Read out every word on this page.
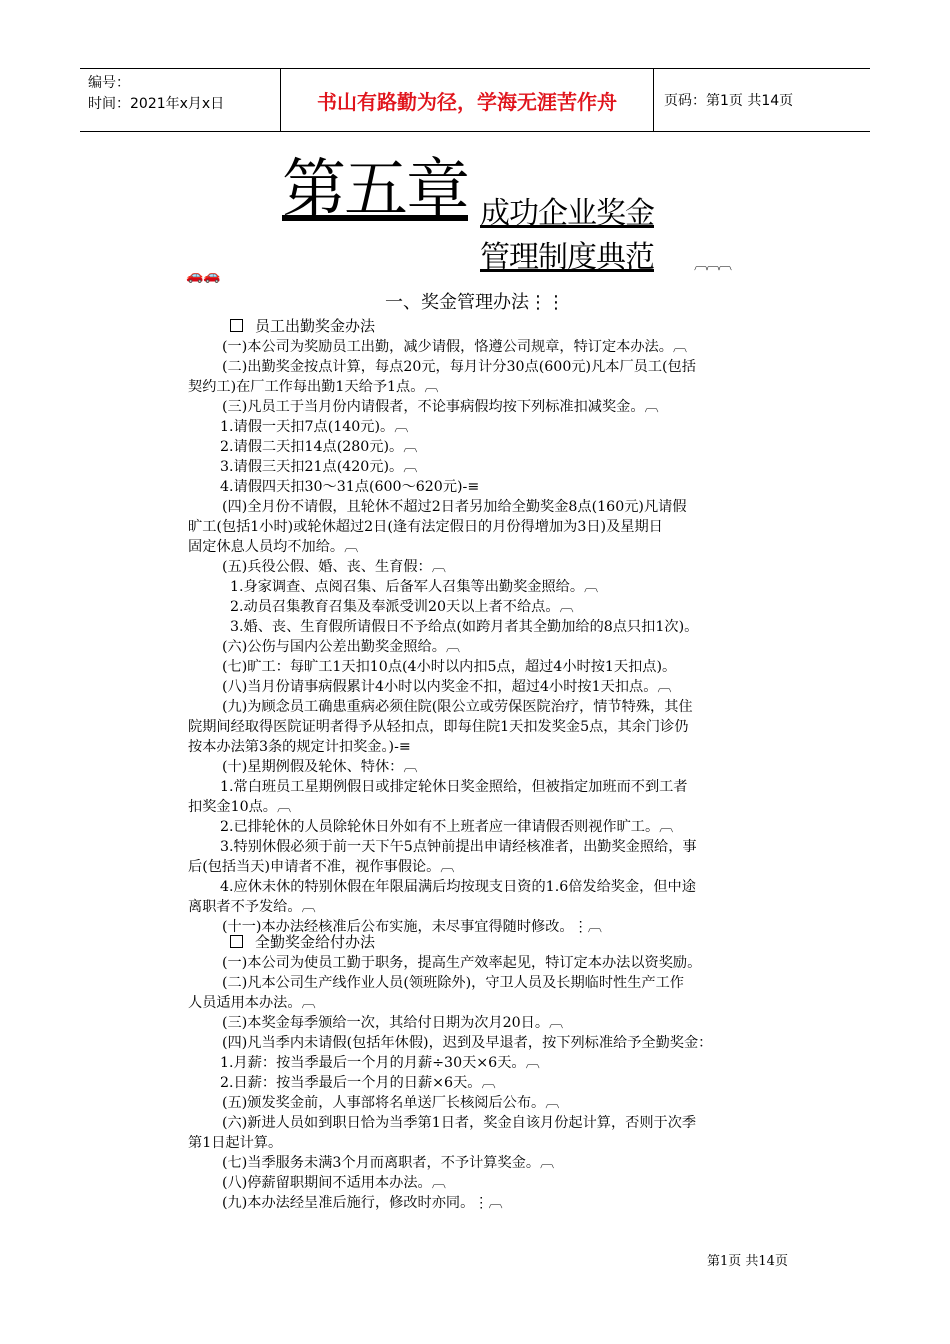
编号：
时间：2021年x月x日	书山有路勤为径，学海无涯苦作舟	页码：第1页 共14页
第五章 成功企业奖金
管理制度典范	︹︹︹
🚗🚗
一、奖金管理办法⋮⋮
员工出勤奖金办法
(一)本公司为奖励员工出勤，减少请假，恪遵公司规章，特订定本办法。︹
(二)出勤奖金按点计算，每点20元，每月计分30点(600元)凡本厂员工(包括
契约工)在厂工作每出勤1天给予1点。︹
(三)凡员工于当月份内请假者，不论事病假均按下列标准扣减奖金。︹
1.请假一天扣7点(140元)。︹
2.请假二天扣14点(280元)。︹
3.请假三天扣21点(420元)。︹
4.请假四天扣30～31点(600～620元)-≡
(四)全月份不请假，且轮休不超过2日者另加给全勤奖金8点(160元)凡请假
旷工(包括1小时)或轮休超过2日(逢有法定假日的月份得增加为3日)及星期日
固定休息人员均不加给。︹
(五)兵役公假、婚、丧、生育假：︹
1.身家调查、点阅召集、后备军人召集等出勤奖金照给。︹
2.动员召集教育召集及奉派受训20天以上者不给点。︹
3.婚、丧、生育假所请假日不予给点(如跨月者其全勤加给的8点只扣1次)。
(六)公伤与国内公差出勤奖金照给。︹
(七)旷工：每旷工1天扣10点(4小时以内扣5点，超过4小时按1天扣点)。
(八)当月份请事病假累计4小时以内奖金不扣，超过4小时按1天扣点。︹
(九)为顾念员工确患重病必须住院(限公立或劳保医院治疗，情节特殊，其住
院期间经取得医院证明者得予从轻扣点，即每住院1天扣发奖金5点，其余门诊仍
按本办法第3条的规定计扣奖金。)-≡
(十)星期例假及轮休、特休：︹
1.常白班员工星期例假日或排定轮休日奖金照给，但被指定加班而不到工者
扣奖金10点。︹
2.已排轮休的人员除轮休日外如有不上班者应一律请假否则视作旷工。︹
3.特别休假必须于前一天下午5点钟前提出申请经核准者，出勤奖金照给，事
后(包括当天)申请者不准，视作事假论。︹
4.应休未休的特别休假在年限届满后均按现支日资的1.6倍发给奖金，但中途
离职者不予发给。︹
(十一)本办法经核准后公布实施，未尽事宜得随时修改。⋮︹
全勤奖金给付办法
(一)本公司为使员工勤于职务，提高生产效率起见，特订定本办法以资奖励。
(二)凡本公司生产线作业人员(领班除外)，守卫人员及长期临时性生产工作
人员适用本办法。︹
(三)本奖金每季颁给一次，其给付日期为次月20日。︹
(四)凡当季内未请假(包括年休假)，迟到及早退者，按下列标准给予全勤奖金：
1.月薪：按当季最后一个月的月薪÷30天×6天。︹
2.日薪：按当季最后一个月的日薪×6天。︹
(五)颁发奖金前，人事部将名单送厂长核阅后公布。︹
(六)新进人员如到职日恰为当季第1日者，奖金自该月份起计算，否则于次季
第1日起计算。
(七)当季服务未满3个月而离职者，不予计算奖金。︹
(八)停薪留职期间不适用本办法。︹
(九)本办法经呈准后施行，修改时亦同。⋮︹
第1页 共14页
